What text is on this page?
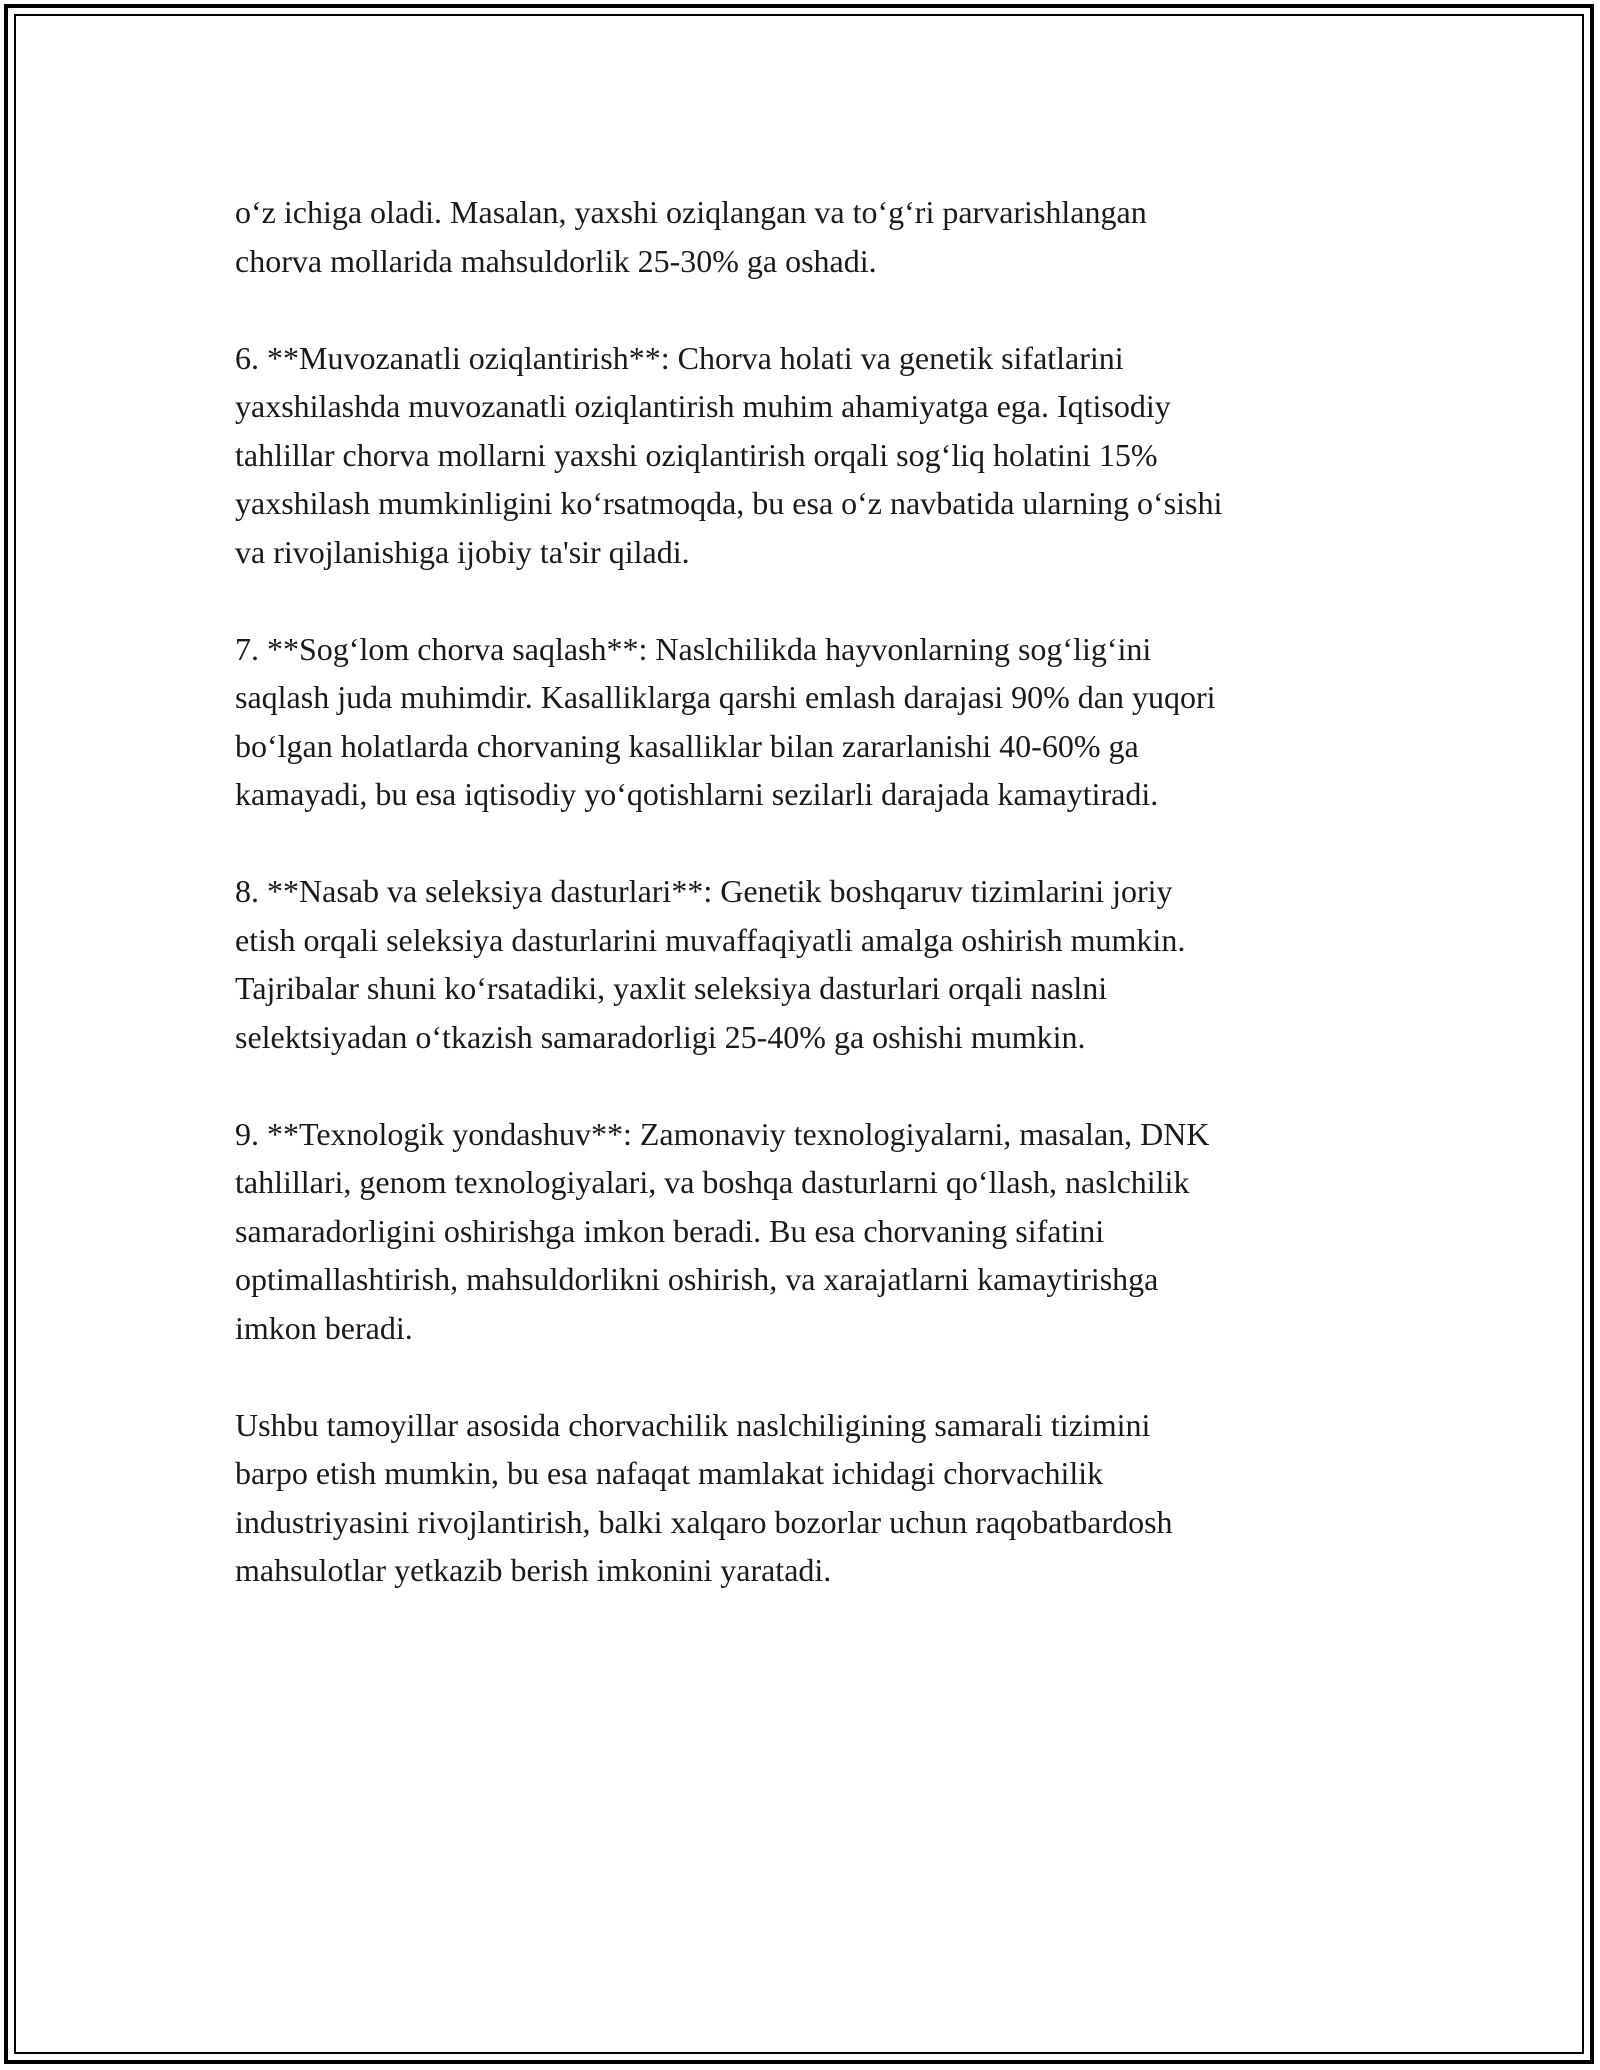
o‘z ichiga oladi. Masalan, yaxshi oziqlangan va to‘g‘ri parvarishlangan
chorva mollarida mahsuldorlik 25-30% ga oshadi.

6. **Muvozanatli oziqlantirish**: Chorva holati va genetik sifatlarini
yaxshilashda muvozanatli oziqlantirish muhim ahamiyatga ega. Iqtisodiy
tahlillar chorva mollarni yaxshi oziqlantirish orqali sog‘liq holatini 15%
yaxshilash mumkinligini ko‘rsatmoqda, bu esa o‘z navbatida ularning o‘sishi
va rivojlanishiga ijobiy ta'sir qiladi.

7. **Sog‘lom chorva saqlash**: Naslchilikda hayvonlarning sog‘lig‘ini
saqlash juda muhimdir. Kasalliklarga qarshi emlash darajasi 90% dan yuqori
bo‘lgan holatlarda chorvaning kasalliklar bilan zararlanishi 40-60% ga
kamayadi, bu esa iqtisodiy yo‘qotishlarni sezilarli darajada kamaytiradi.

8. **Nasab va seleksiya dasturlari**: Genetik boshqaruv tizimlarini joriy
etish orqali seleksiya dasturlarini muvaffaqiyatli amalga oshirish mumkin.
Tajribalar shuni ko‘rsatadiki, yaxlit seleksiya dasturlari orqali naslni
selektsiyadan o‘tkazish samaradorligi 25-40% ga oshishi mumkin.

9. **Texnologik yondashuv**: Zamonaviy texnologiyalarni, masalan, DNK
tahlillari, genom texnologiyalari, va boshqa dasturlarni qo‘llash, naslchilik
samaradorligini oshirishga imkon beradi. Bu esa chorvaning sifatini
optimallashtirish, mahsuldorlikni oshirish, va xarajatlarni kamaytirishga
imkon beradi.

Ushbu tamoyillar asosida chorvachilik naslchiligining samarali tizimini
barpo etish mumkin, bu esa nafaqat mamlakat ichidagi chorvachilik
industriyasini rivojlantirish, balki xalqaro bozorlar uchun raqobatbardosh
mahsulotlar yetkazib berish imkonini yaratadi.
